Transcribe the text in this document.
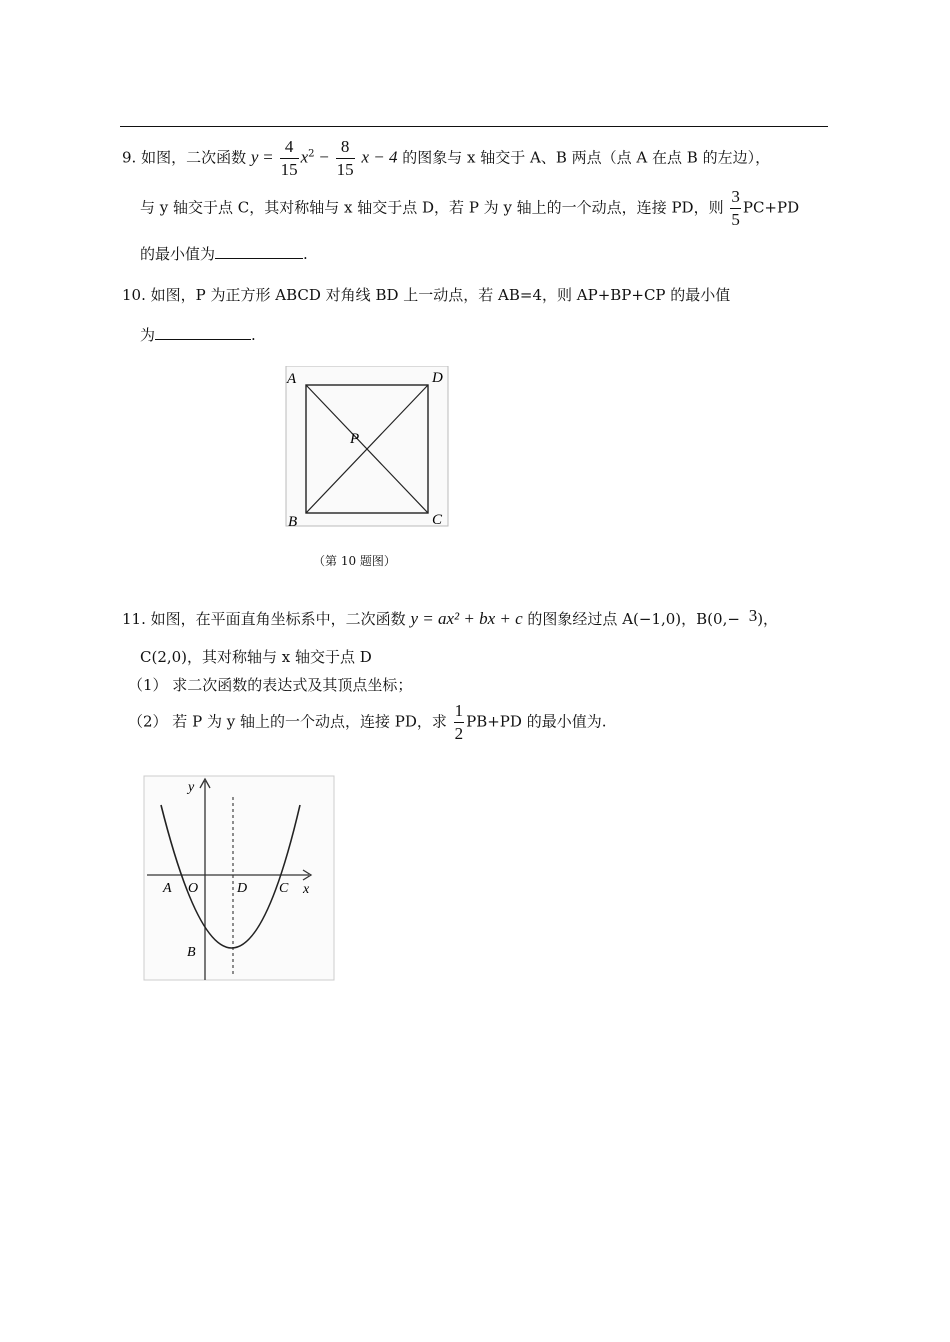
9. 如图，二次函数 $y = \frac{4}{15} x^2 - \frac{8}{15}$ x − 4 的图象与 x 轴交于 A、B 两点（点 A 在点 B 的左边），
与 y 轴交于点 C，其对称轴与 x 轴交于点 D，若 P 为 y 轴上的一个动点，连接 PD，则 $\frac{3}{5} PC+PD$
的最小值为	.
10. 如图，P 为正方形 ABCD 对角线 BD 上一动点，若 AB=4，则 AP+BP+CP 的最小值
为	.
A	D
B	C
P
（第 10 题图）
11. 如图，在平面直角坐标系中，二次函数 y = ax² + bx + c 的图象经过点 A(−1,0)，B(0,− 3)，
C(2,0)，其对称轴与 x 轴交于点 D
（1） 求二次函数的表达式及其顶点坐标；
（2） 若 P 为 y 轴上的一个动点，连接 PD，求 $\frac{1}{2} PB+PD$ 的最小值为.
y
x
A O	D C
B
